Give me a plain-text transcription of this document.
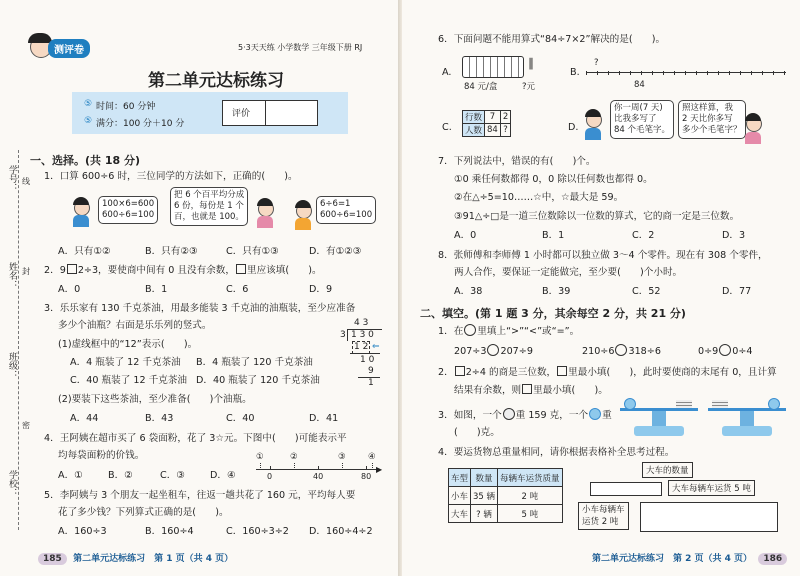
测评卷	5·3天天练 小学数学 三年级下册 RJ
第二单元达标练习
⑤ 时间：60 分钟
⑤ 满分：100 分＋10 分
评价
学号： 线
姓名： 封
班级：
密
学校：
一、选择。(共 18 分)
1．口算 600÷6 时，三位同学的方法如下，正确的(　　)。
100×6=600
600÷6=100
把 6 个百平均分成
6 份，每份是 1 个
百，也就是 100。
6÷6=1
600÷6=100
A．只有①②	B．只有②③	C．只有①③	D．有①②③
2．9 2÷3，要使商中间有 0 且没有余数， 里应该填(　　)。
A．0	B．1	C．6	D．9
3．乐乐家有 130 千克茶油，用最多能装 3 千克油的油瓶装，至少应准备
多少个油瓶？右面是乐乐列的竖式。
(1)虚线框中的“12”表示(　　)。
A．4 瓶装了 12 千克茶油 B．4 瓶装了 120 千克茶油
C．40 瓶装了 12 千克茶油 D．40 瓶装了 120 千克茶油
(2)要装下这些茶油，至少准备(　　)个油瓶。
A．44	B．43	C．40	D．41
4 3
3 1 3 0
1 2 ⇐
1 0
9
1
4．王阿姨在超市买了 6 袋面粉，花了 3☆元。下图中(　　)可能表示平
均每袋面粉的价钱。	①	②	③	④
▶
0	40	80
A．①	B．②	C．③	D．④
5．李阿姨与 3 个朋友一起坐租车，往返一趟共花了 160 元，平均每人要
花了多少钱？下列算式正确的是(　　)。
A．160÷3	B．160÷4	C．160÷3÷2 D．160÷4÷2
185 第二单元达标练习　第 1 页（共 4 页）
6．下面问题不能用算式“84÷7×2”解决的是(　　)。
A.
∥
84 元/盒	?元
B.
?
84
C.
行数	7	2
人数	84	?	D.
你一周(7 天)
比我多写了
84 个毛笔字。
照这样算，我
2 天比你多写
多少个毛笔字？
7．下列说法中，错误的有(　　)个。
①0 乘任何数都得 0，0 除以任何数也都得 0。
②在△÷5=10……☆中，☆最大是 59。
③91△÷□是一道三位数除以一位数的算式，它的商一定是三位数。
A．0	B．1	C．2	D．3
8．张师傅和李师傅 1 小时都可以独立做 3～4 个零件。现在有 308 个零件，
两人合作，要保证一定能做完，至少要(　　)个小时。
A．38	B．39	C．52	D．77
二、填空。(第 1 题 3 分，其余每空 2 分，共 21 分)
1．在 里填上“>”“<”或“=”。
207÷3 207÷9	210÷6 318÷6	0÷9 0÷4
2． 2÷4 的商是三位数， 里最小填(　　)，此时要使商的末尾有 0，且计算
结果有余数，则 里最小填(　　)。
3．如图，一个 重 159 克，一个 重
(　　)克。
4．要运货物总重量相同，请你根据表格补全思考过程。
车型	数量	每辆车运货质量
小车	35 辆	2 吨
大车	? 辆	5 吨
大车的数量
大车每辆车运货 5 吨
小车每辆车
运货 2 吨
第二单元达标练习　第 2 页（共 4 页） 186
